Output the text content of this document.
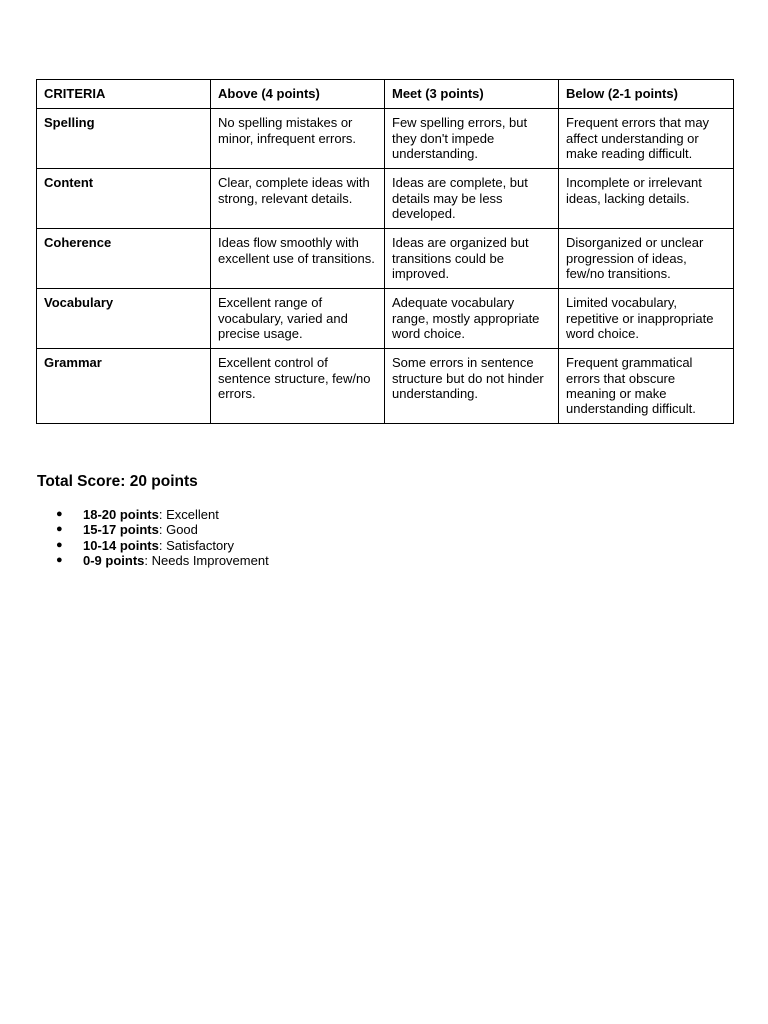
CRITERIA	Above (4 points)	Meet (3 points)	Below (2-1 points)
Spelling	No spelling mistakes or minor, infrequent errors.	Few spelling errors, but they don't impede understanding.	Frequent errors that may affect understanding or make reading difficult.
Content	Clear, complete ideas with strong, relevant details.	Ideas are complete, but details may be less developed.	Incomplete or irrelevant ideas, lacking details.
Coherence	Ideas flow smoothly with excellent use of transitions.	Ideas are organized but transitions could be improved.	Disorganized or unclear progression of ideas, few/no transitions.
Vocabulary	Excellent range of vocabulary, varied and precise usage.	Adequate vocabulary range, mostly appropriate word choice.	Limited vocabulary, repetitive or inappropriate word choice.
Grammar	Excellent control of sentence structure, few/no errors.	Some errors in sentence structure but do not hinder understanding.	Frequent grammatical errors that obscure meaning or make understanding difficult.
Total Score: 20 points
● 18-20 points: Excellent
● 15-17 points: Good
● 10-14 points: Satisfactory
● 0-9 points: Needs Improvement
